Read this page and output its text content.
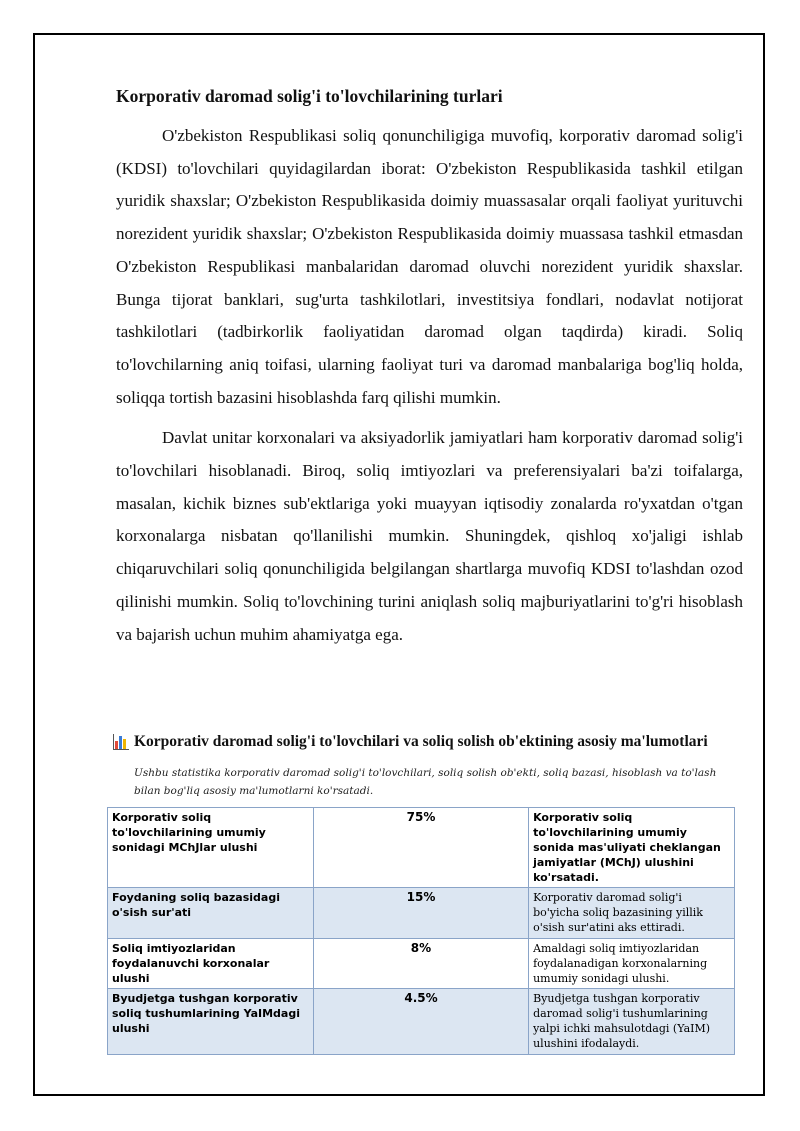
Korporativ daromad solig'i to'lovchilarining turlari

O'zbekiston Respublikasi soliq qonunchiligiga muvofiq, korporativ daromad solig'i (KDSI) to'lovchilari quyidagilardan iborat: O'zbekiston Respublikasida tashkil etilgan yuridik shaxslar; O'zbekiston Respublikasida doimiy muassasalar orqali faoliyat yurituvchi norezident yuridik shaxslar; O'zbekiston Respublikasida doimiy muassasa tashkil etmasdan O'zbekiston Respublikasi manbalaridan daromad oluvchi norezident yuridik shaxslar. Bunga tijorat banklari, sug'urta tashkilotlari, investitsiya fondlari, nodavlat notijorat tashkilotlari (tadbirkorlik faoliyatidan daromad olgan taqdirda) kiradi. Soliq to'lovchilarning aniq toifasi, ularning faoliyat turi va daromad manbalariga bog'liq holda, soliqqa tortish bazasini hisoblashda farq qilishi mumkin.

Davlat unitar korxonalari va aksiyadorlik jamiyatlari ham korporativ daromad solig'i to'lovchilari hisoblanadi. Biroq, soliq imtiyozlari va preferensiyalari ba'zi toifalarga, masalan, kichik biznes sub'ektlariga yoki muayyan iqtisodiy zonalarda ro'yxatdan o'tgan korxonalarga nisbatan qo'llanilishi mumkin. Shuningdek, qishloq xo'jaligi ishlab chiqaruvchilari soliq qonunchiligida belgilangan shartlarga muvofiq KDSI to'lashdan ozod qilinishi mumkin. Soliq to'lovchining turini aniqlash soliq majburiyatlarini to'g'ri hisoblash va bajarish uchun muhim ahamiyatga ega.

Korporativ daromad solig'i to'lovchilari va soliq solish ob'ektining asosiy ma'lumotlari
Ushbu statistika korporativ daromad solig'i to'lovchilari, soliq solish ob'ekti, soliq bazasi, hisoblash va to'lash bilan bog'liq asosiy ma'lumotlarni ko'rsatadi.
Korporativ soliq to'lovchilarining umumiy sonidagi MChJlar ulushi	75%	Korporativ soliq to'lovchilarining umumiy sonida mas'uliyati cheklangan jamiyatlar (MChJ) ulushini ko'rsatadi.
Foydaning soliq bazasidagi o'sish sur'ati	15%	Korporativ daromad solig'i bo'yicha soliq bazasining yillik o'sish sur'atini aks ettiradi.
Soliq imtiyozlaridan foydalanuvchi korxonalar ulushi	8%	Amaldagi soliq imtiyozlaridan foydalanadigan korxonalarning umumiy sonidagi ulushi.
Byudjetga tushgan korporativ soliq tushumlarining YaIMdagi ulushi	4.5%	Byudjetga tushgan korporativ daromad solig'i tushumlarining yalpi ichki mahsulotdagi (YaIM) ulushini ifodalaydi.
